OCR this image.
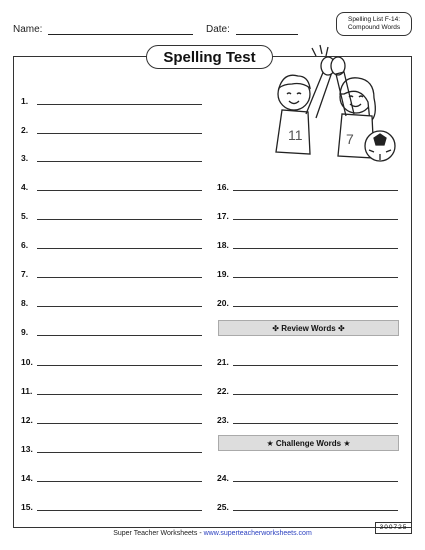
Name:	Date:
Spelling List F-14:
Compound Words
Spelling Test
11	7
1.
2.
3.
4.
5.
6.
7.
8.
9.
10.
11.
12.
13.
14.
15.
16.
17.
18.
19.
20.
21.
22.
23.
24.
25.
✤ Review Words ✤
★ Challenge Words ★
Super Teacher Worksheets - www.superteacherworksheets.com
300725
